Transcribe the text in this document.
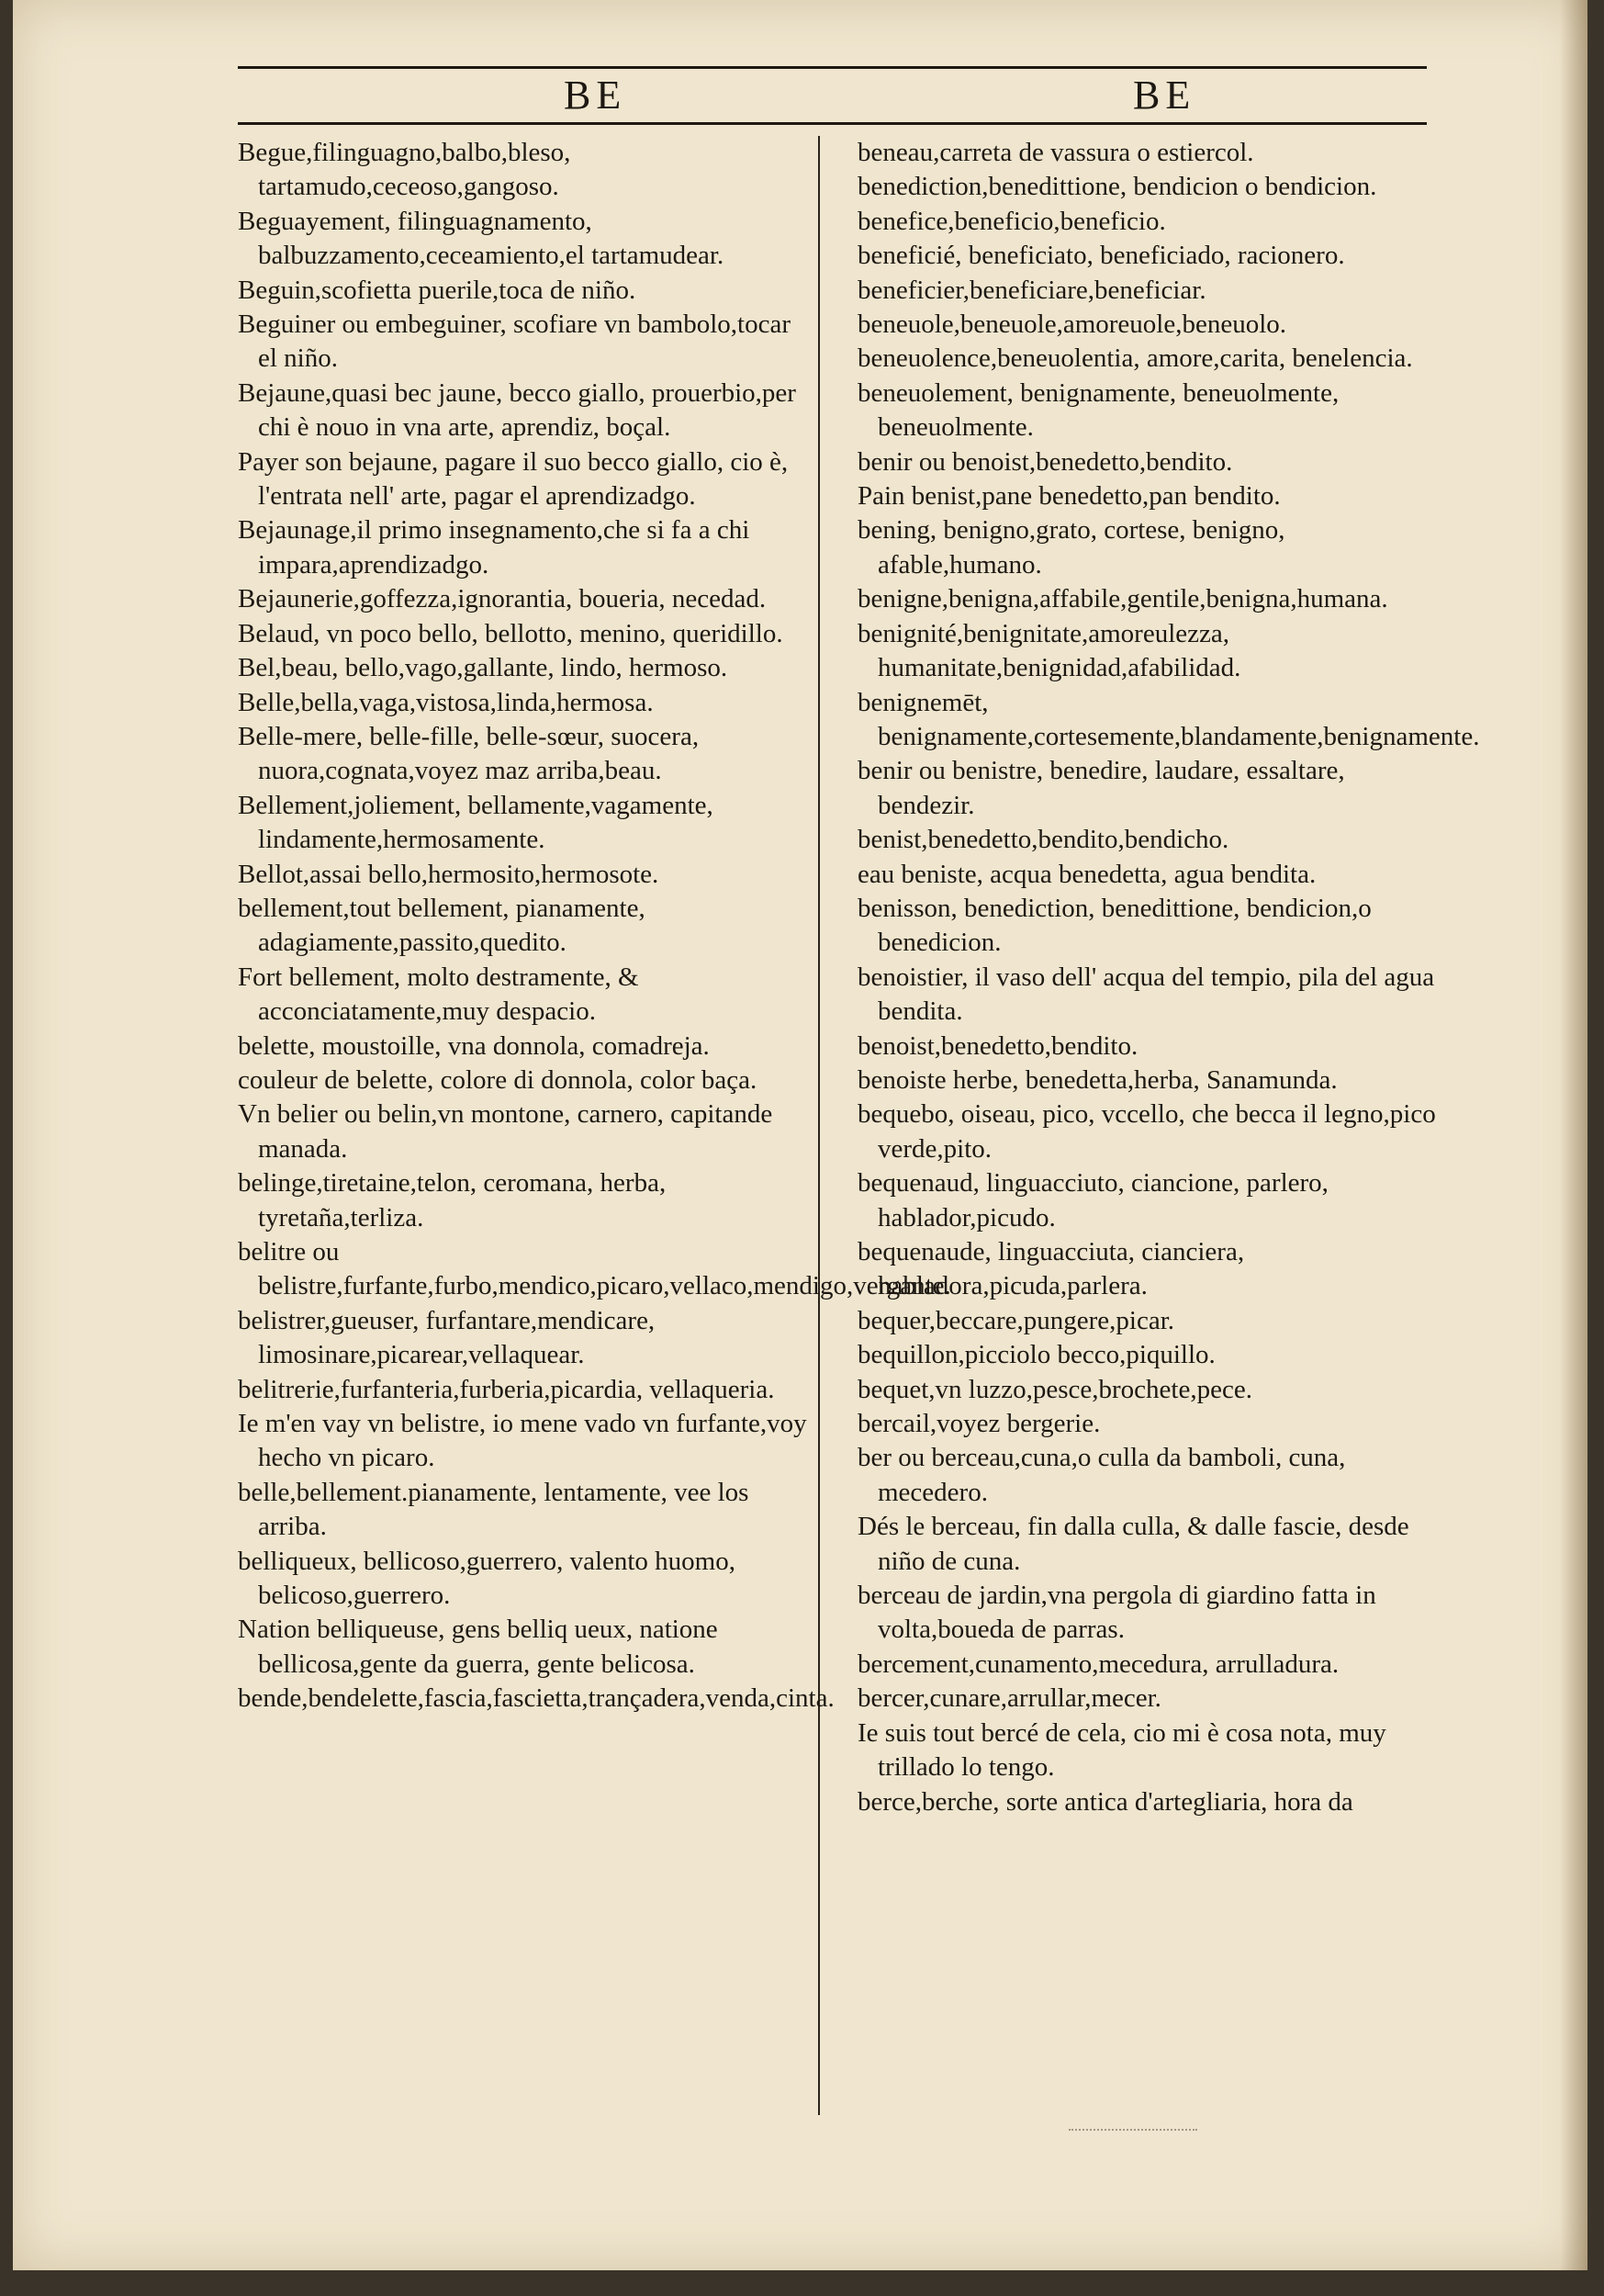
BE	BE

Begue,filinguagno,balbo,bleso, tartamudo,ceceoso,gangoso.

Beguayement, filinguagnamento, balbuzzamento,ceceamiento,el tartamudear.

Beguin,scofietta puerile,toca de niño.

Beguiner ou embeguiner, scofiare vn bambolo,tocar el niño.

Bejaune,quasi bec jaune, becco giallo, prouerbio,per chi è nouo in vna arte, aprendiz, boçal.

Payer son bejaune, pagare il suo becco giallo, cio è, l'entrata nell' arte, pagar el aprendizadgo.

Bejaunage,il primo insegnamento,che si fa a chi impara,aprendizadgo.

Bejaunerie,goffezza,ignorantia, boueria, necedad.

Belaud, vn poco bello, bellotto, menino, queridillo.

Bel,beau, bello,vago,gallante, lindo, hermoso.

Belle,bella,vaga,vistosa,linda,hermosa.

Belle-mere, belle-fille, belle-sœur, suocera, nuora,cognata,voyez maz arriba,beau.

Bellement,joliement, bellamente,vagamente, lindamente,hermosamente.

Bellot,assai bello,hermosito,hermosote.

bellement,tout bellement, pianamente, adagiamente,passito,quedito.

Fort bellement, molto destramente, & acconciatamente,muy despacio.

belette, moustoille, vna donnola, comadreja.

couleur de belette, colore di donnola, color baça.

Vn belier ou belin,vn montone, carnero, capitande manada.

belinge,tiretaine,telon, ceromana, herba, tyretaña,terliza.

belitre ou belistre,furfante,furbo,mendico,picaro,vellaco,mendigo,vergante.

belistrer,gueuser, furfantare,mendicare, limosinare,picarear,vellaquear.

belitrerie,furfanteria,furberia,picardia, vellaqueria.

Ie m'en vay vn belistre, io mene vado vn furfante,voy hecho vn picaro.

belle,bellement.pianamente, lentamente, vee los arriba.

belliqueux, bellicoso,guerrero, valento huomo, belicoso,guerrero.

Nation belliqueuse, gens belliq ueux, natione bellicosa,gente da guerra, gente belicosa.

bende,bendelette,fascia,fascietta,trançadera,venda,cinta.

beneau,carreta de vassura o estiercol.

benediction,benedittione, bendicion o bendicion.

benefice,beneficio,beneficio.

beneficié, beneficiato, beneficiado, racionero.

beneficier,beneficiare,beneficiar.

beneuole,beneuole,amoreuole,beneuolo.

beneuolence,beneuolentia, amore,carita, benelencia.

beneuolement, benignamente, beneuolmente, beneuolmente.

benir ou benoist,benedetto,bendito.

Pain benist,pane benedetto,pan bendito.

bening, benigno,grato, cortese, benigno, afable,humano.

benigne,benigna,affabile,gentile,benigna,humana.

benignité,benignitate,amoreulezza, humanitate,benignidad,afabilidad.

benignemēt, benignamente,cortesemente,blandamente,benignamente.

benir ou benistre, benedire, laudare, essaltare, bendezir.

benist,benedetto,bendito,bendicho.

eau beniste, acqua benedetta, agua bendita.

benisson, benediction, benedittione, bendicion,o benedicion.

benoistier, il vaso dell' acqua del tempio, pila del agua bendita.

benoist,benedetto,bendito.

benoiste herbe, benedetta,herba, Sanamunda.

bequebo, oiseau, pico, vccello, che becca il legno,pico verde,pito.

bequenaud, linguacciuto, ciancione, parlero, hablador,picudo.

bequenaude, linguacciuta, cianciera, habladora,picuda,parlera.

bequer,beccare,pungere,picar.

bequillon,picciolo becco,piquillo.

bequet,vn luzzo,pesce,brochete,pece.

bercail,voyez bergerie.

ber ou berceau,cuna,o culla da bamboli, cuna, mecedero.

Dés le berceau, fin dalla culla, & dalle fascie, desde niño de cuna.

berceau de jardin,vna pergola di giardino fatta in volta,boueda de parras.

bercement,cunamento,mecedura, arrulladura.

bercer,cunare,arrullar,mecer.

Ie suis tout bercé de cela, cio mi è cosa nota, muy trillado lo tengo.

berce,berche, sorte antica d'artegliaria, hora da
